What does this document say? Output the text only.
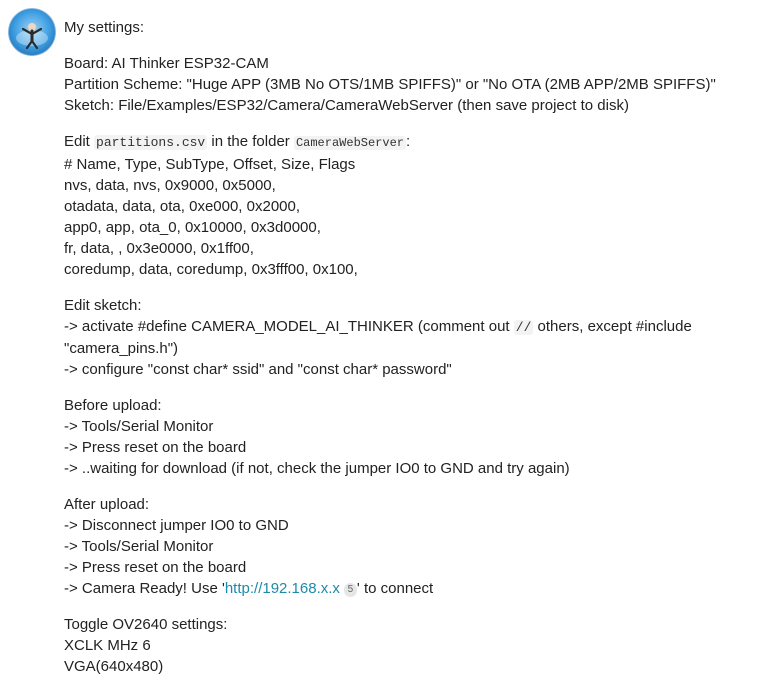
My settings:

Board: AI Thinker ESP32-CAM
Partition Scheme: "Huge APP (3MB No OTS/1MB SPIFFS)" or "No OTA (2MB APP/2MB SPIFFS)"
Sketch: File/Examples/ESP32/Camera/CameraWebServer (then save project to disk)

Edit partitions.csv in the folder CameraWebServer :
# Name, Type, SubType, Offset, Size, Flags
nvs, data, nvs, 0x9000, 0x5000,
otadata, data, ota, 0xe000, 0x2000,
app0, app, ota_0, 0x10000, 0x3d0000,
fr, data, , 0x3e0000, 0x1ff00,
coredump, data, coredump, 0x3fff00, 0x100,

Edit sketch:
-> activate #define CAMERA_MODEL_AI_THINKER (comment out // others, except #include "camera_pins.h")
-> configure "const char* ssid" and "const char* password"

Before upload:
-> Tools/Serial Monitor
-> Press reset on the board
-> ..waiting for download (if not, check the jumper IO0 to GND and try again)

After upload:
-> Disconnect jumper IO0 to GND
-> Tools/Serial Monitor
-> Press reset on the board
-> Camera Ready! Use 'http://192.168.x.x 5 ' to connect

Toggle OV2640 settings:
XCLK MHz 6
VGA(640x480)
